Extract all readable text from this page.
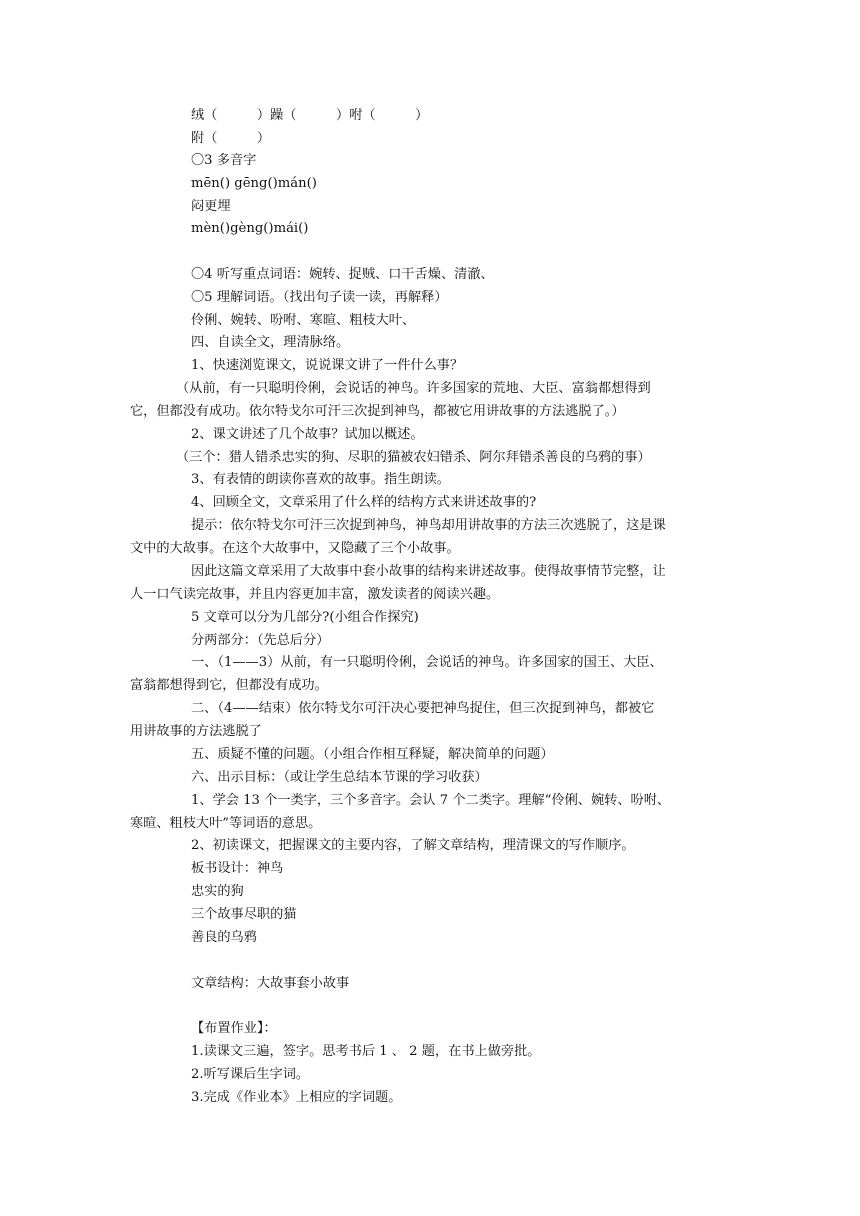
绒（　　　）躁（　　　）咐（　　　）
附（　　　）
〇3 多音字
mēn() gēng()mán()
闷更埋
mèn()gèng()mái()
〇4 听写重点词语：婉转、捉贼、口干舌燥、清澈、
〇5 理解词语。（找出句子读一读，再解释）
伶俐、婉转、吩咐、寒暄、粗枝大叶、
四、自读全文，理清脉络。
1、快速浏览课文，说说课文讲了一件什么事？
（从前，有一只聪明伶俐，会说话的神鸟。许多国家的荒地、大臣、富翁都想得到
它，但都没有成功。依尔特戈尔可汗三次捉到神鸟，都被它用讲故事的方法逃脱了。）
2、课文讲述了几个故事？试加以概述。
（三个：猎人错杀忠实的狗、尽职的猫被农妇错杀、阿尔拜错杀善良的乌鸦的事）
3、有表情的朗读你喜欢的故事。指生朗读。
4、回顾全文，文章采用了什么样的结构方式来讲述故事的?
提示：依尔特戈尔可汗三次捉到神鸟，神鸟却用讲故事的方法三次逃脱了，这是课
文中的大故事。在这个大故事中，又隐藏了三个小故事。
因此这篇文章采用了大故事中套小故事的结构来讲述故事。使得故事情节完整，让
人一口气读完故事，并且内容更加丰富，激发读者的阅读兴趣。
5 文章可以分为几部分?(小组合作探究)
分两部分：（先总后分）
一、（1——3）从前，有一只聪明伶俐，会说话的神鸟。许多国家的国王、大臣、
富翁都想得到它，但都没有成功。
二、（4——结束）依尔特戈尔可汗决心要把神鸟捉住，但三次捉到神鸟，都被它
用讲故事的方法逃脱了
五、质疑不懂的问题。（小组合作相互释疑，解决简单的问题）
六、出示目标：（或让学生总结本节课的学习收获）
1、学会 13 个一类字，三个多音字。会认 7 个二类字。理解“伶俐、婉转、吩咐、
寒暄、粗枝大叶”等词语的意思。
2、初读课文，把握课文的主要内容，了解文章结构，理清课文的写作顺序。
板书设计：神鸟
忠实的狗
三个故事尽职的猫
善良的乌鸦
文章结构：大故事套小故事
【布置作业】：
1.读课文三遍，签字。思考书后 1 、 2 题，在书上做旁批。
2.听写课后生字词。
3.完成《作业本》上相应的字词题。
